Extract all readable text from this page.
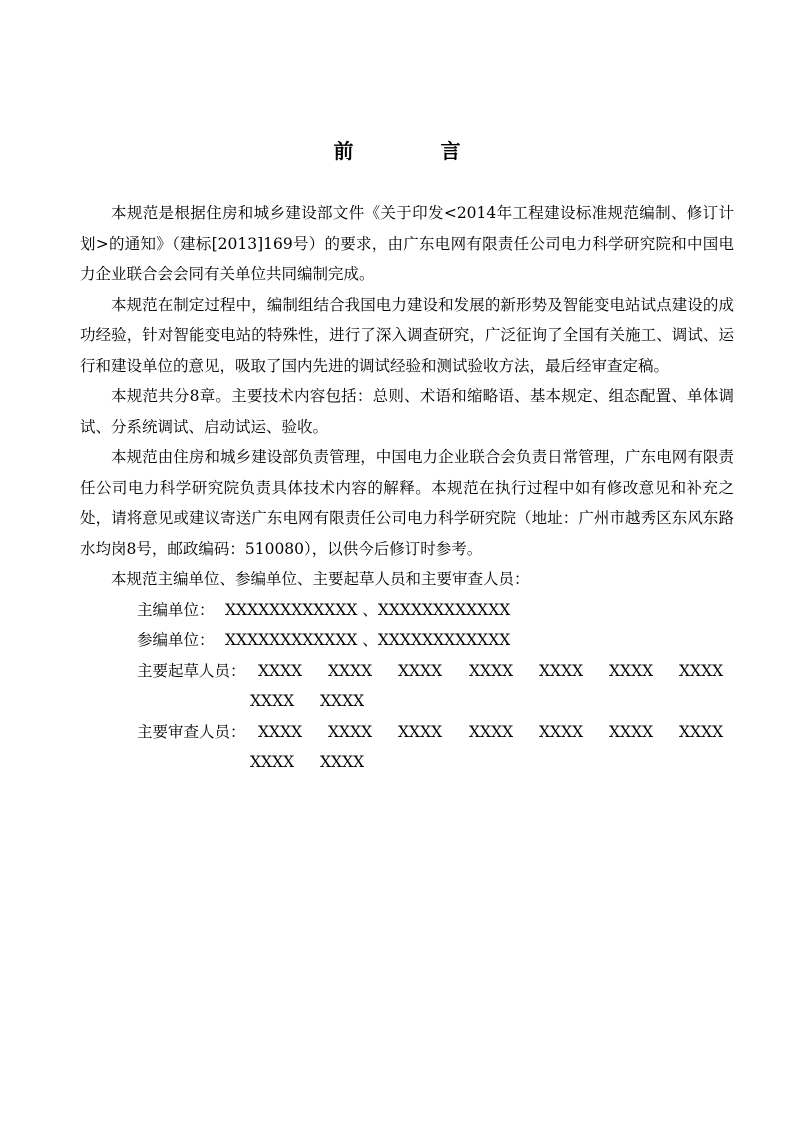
前 言

本规范是根据住房和城乡建设部文件《关于印发<2014年工程建设标准规范编制、修订计划>的通知》（建标[2013]169号）的要求，由广东电网有限责任公司电力科学研究院和中国电力企业联合会会同有关单位共同编制完成。

本规范在制定过程中，编制组结合我国电力建设和发展的新形势及智能变电站试点建设的成功经验，针对智能变电站的特殊性，进行了深入调查研究，广泛征询了全国有关施工、调试、运行和建设单位的意见，吸取了国内先进的调试经验和测试验收方法，最后经审查定稿。

本规范共分8章。主要技术内容包括：总则、术语和缩略语、基本规定、组态配置、单体调试、分系统调试、启动试运、验收。

本规范由住房和城乡建设部负责管理，中国电力企业联合会负责日常管理，广东电网有限责任公司电力科学研究院负责具体技术内容的解释。本规范在执行过程中如有修改意见和补充之处，请将意见或建议寄送广东电网有限责任公司电力科学研究院（地址：广州市越秀区东风东路水均岗8号，邮政编码：510080），以供今后修订时参考。

本规范主编单位、参编单位、主要起草人员和主要审查人员：

主编单位： XXXXXXXXXXXX 、XXXXXXXXXXXX
参编单位： XXXXXXXXXXXX 、XXXXXXXXXXXX
主要起草人员： XXXX XXXX XXXX XXXX XXXX XXXX XXXX
XXXX XXXX
主要审查人员： XXXX XXXX XXXX XXXX XXXX XXXX XXXX
XXXX XXXX
